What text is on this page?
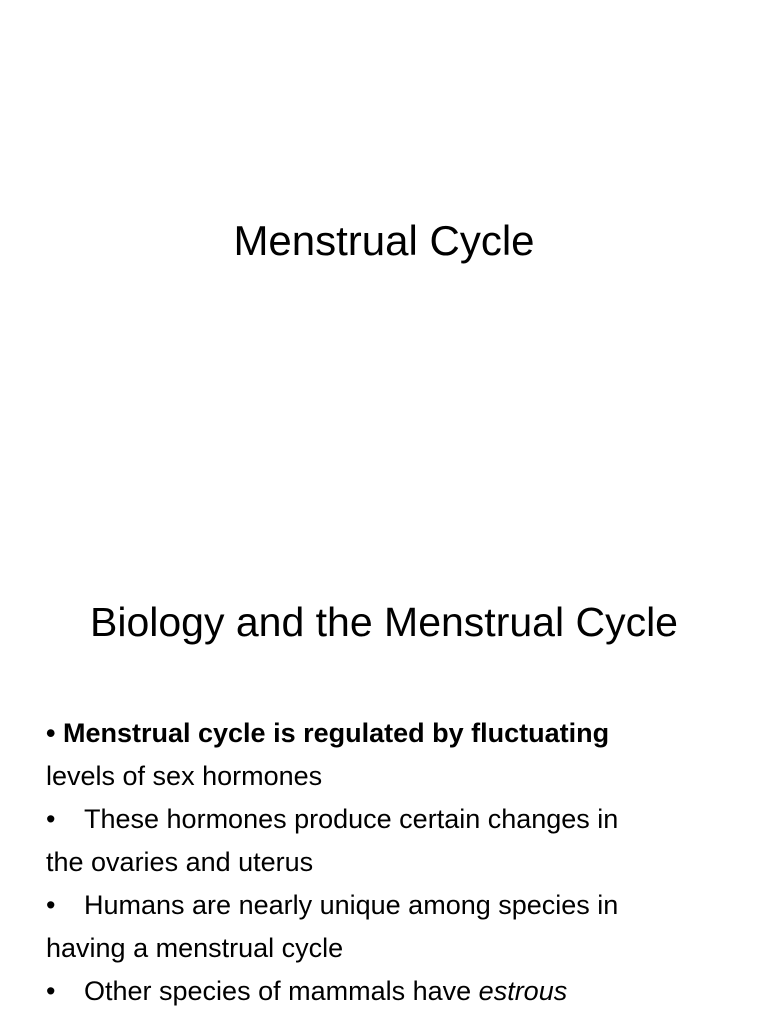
Menstrual Cycle
Biology and the Menstrual Cycle
• Menstrual cycle is regulated by fluctuating
levels of sex hormones
• These hormones produce certain changes in
the ovaries and uterus
• Humans are nearly unique among species in
having a menstrual cycle
• Other species of mammals have estrous
